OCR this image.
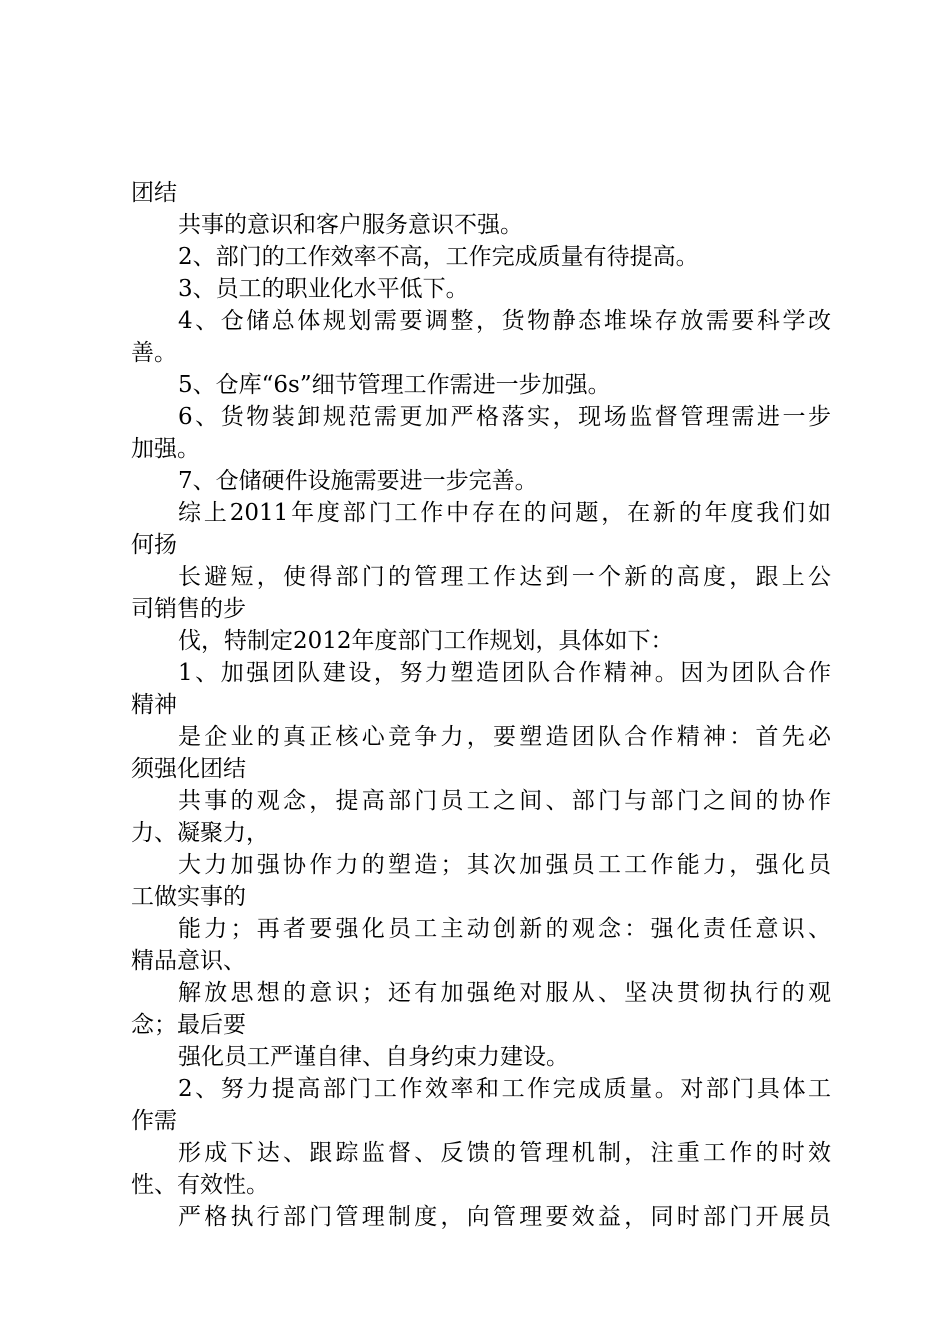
团结
共事的意识和客户服务意识不强。
2、部门的工作效率不高，工作完成质量有待提高。
3、员工的职业化水平低下。
4、仓储总体规划需要调整，货物静态堆垛存放需要科学改
善。
5、仓库“6s”细节管理工作需进一步加强。
6、货物装卸规范需更加严格落实，现场监督管理需进一步
加强。
7、仓储硬件设施需要进一步完善。
综上2011年度部门工作中存在的问题，在新的年度我们如
何扬
长避短，使得部门的管理工作达到一个新的高度，跟上公
司销售的步
伐，特制定2012年度部门工作规划，具体如下：
1、加强团队建设，努力塑造团队合作精神。因为团队合作
精神
是企业的真正核心竞争力，要塑造团队合作精神：首先必
须强化团结
共事的观念，提高部门员工之间、部门与部门之间的协作
力、凝聚力，
大力加强协作力的塑造；其次加强员工工作能力，强化员
工做实事的
能力；再者要强化员工主动创新的观念：强化责任意识、
精品意识、
解放思想的意识；还有加强绝对服从、坚决贯彻执行的观
念；最后要
强化员工严谨自律、自身约束力建设。
2、努力提高部门工作效率和工作完成质量。对部门具体工
作需
形成下达、跟踪监督、反馈的管理机制，注重工作的时效
性、有效性。
严格执行部门管理制度，向管理要效益，同时部门开展员
